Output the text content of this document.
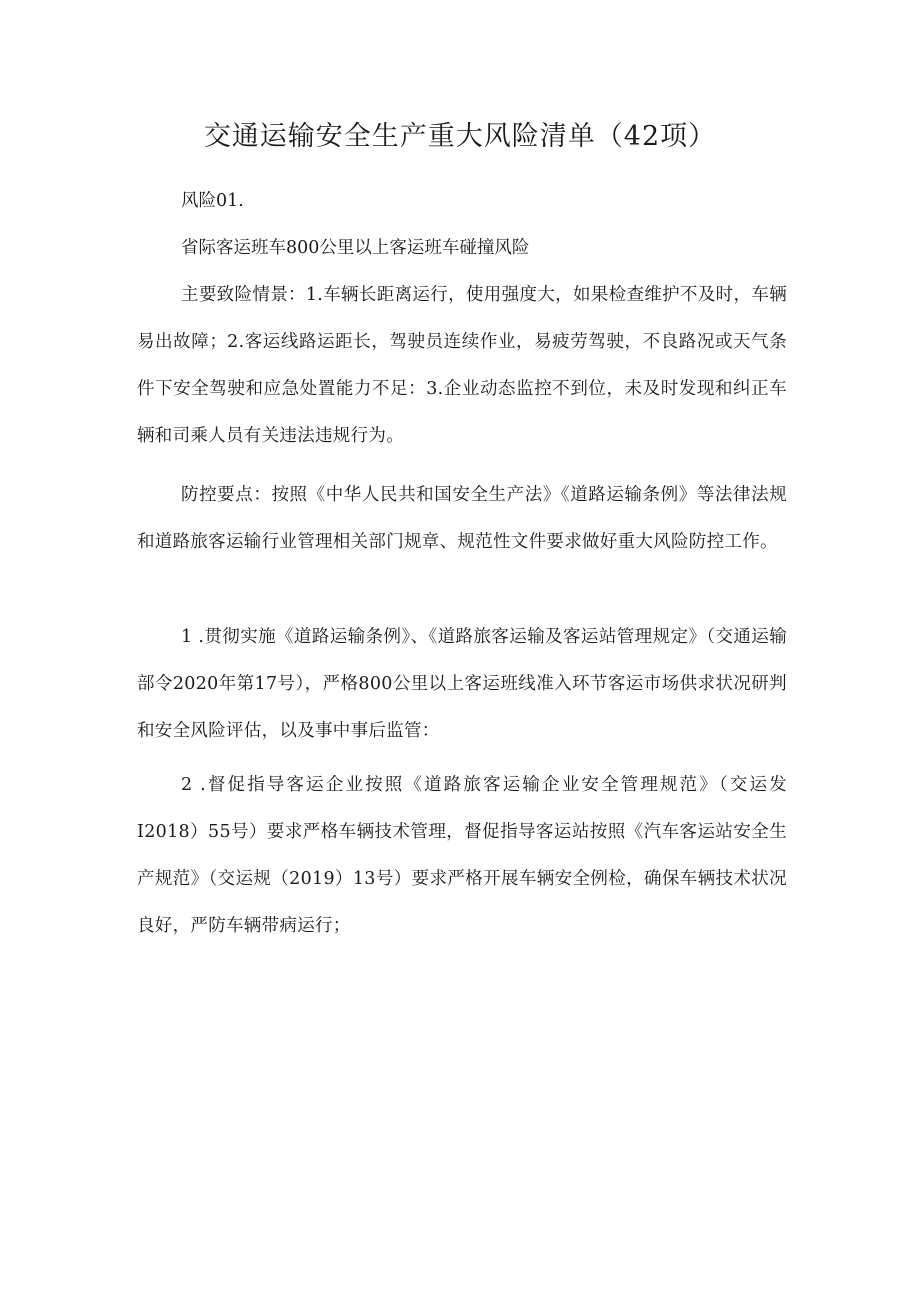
交通运输安全生产重大风险清单（42项）
风险01.
省际客运班车800公里以上客运班车碰撞风险

主要致险情景：1.车辆长距离运行，使用强度大，如果检查维护不及时，车辆易出故障；2.客运线路运距长，驾驶员连续作业，易疲劳驾驶，不良路况或天气条件下安全驾驶和应急处置能力不足：3.企业动态监控不到位，未及时发现和纠正车辆和司乘人员有关违法违规行为。

防控要点：按照《中华人民共和国安全生产法》《道路运输条例》等法律法规和道路旅客运输行业管理相关部门规章、规范性文件要求做好重大风险防控工作。

1 .贯彻实施《道路运输条例》、《道路旅客运输及客运站管理规定》（交通运输部令2020年第17号），严格800公里以上客运班线准入环节客运市场供求状况研判和安全风险评估，以及事中事后监管：

2 .督促指导客运企业按照《道路旅客运输企业安全管理规范》（交运发I2018）55号）要求严格车辆技术管理，督促指导客运站按照《汽车客运站安全生产规范》（交运规（2019）13号）要求严格开展车辆安全例检，确保车辆技术状况良好，严防车辆带病运行；
